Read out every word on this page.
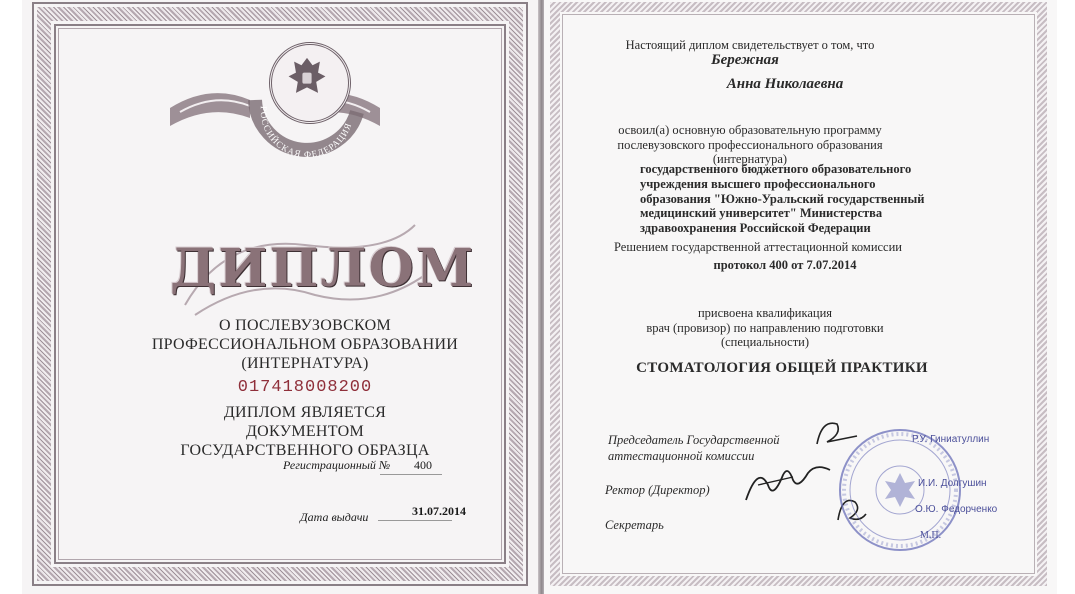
РОССИЙСКАЯ ФЕДЕРАЦИЯ
ДИПЛОМ
О ПОСЛЕВУЗОВСКОМ
ПРОФЕССИОНАЛЬНОМ ОБРАЗОВАНИИ
(ИНТЕРНАТУРА)
017418008200
ДИПЛОМ ЯВЛЯЕТСЯ ДОКУМЕНТОМ
ГОСУДАРСТВЕННОГО ОБРАЗЦА
Регистрационный № 400
Дата выдачи	31.07.2014
Настоящий диплом свидетельствует о том, что
Бережная
Анна Николаевна
освоил(а) основную образовательную программу
послевузовского профессионального образования
(интернатура)
государственного бюджетного образовательного
учреждения высшего профессионального
образования "Южно-Уральский государственный
медицинский университет" Министерства
здравоохранения Российской Федерации
Решением государственной аттестационной комиссии
протокол 400 от 7.07.2014
присвоена квалификация
врач (провизор) по направлению подготовки
(специальности)
СТОМАТОЛОГИЯ ОБЩЕЙ ПРАКТИКИ
Председатель Государственной
аттестационной комиссии
Ректор (Директор)
Секретарь
Р.У. Гиниатуллин
И.И. Долгушин
О.Ю. Федорченко
М.П.
